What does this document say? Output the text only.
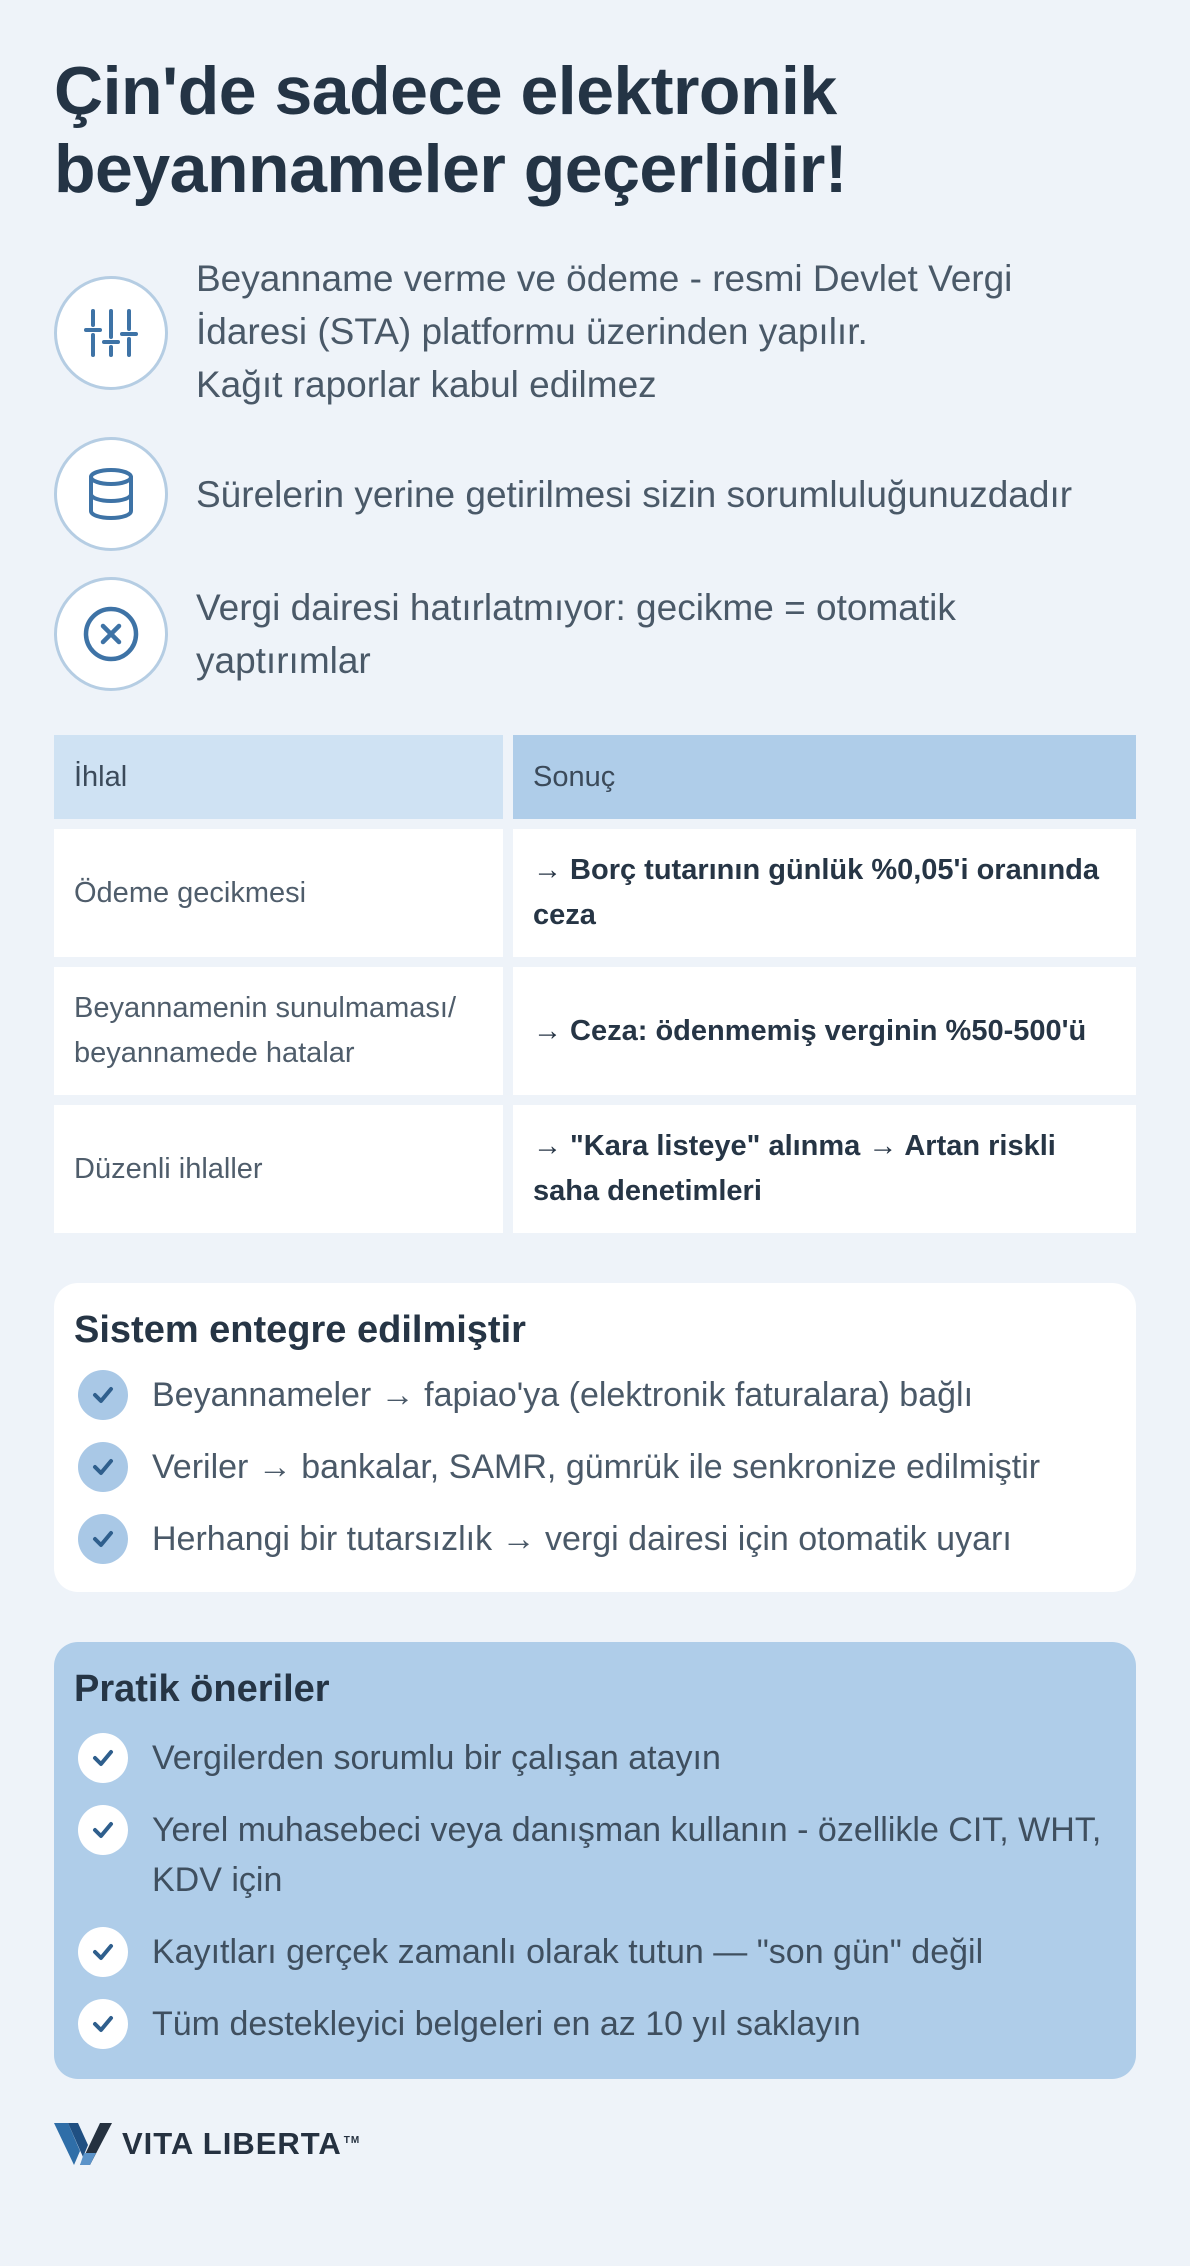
Çin'de sadece elektronik
beyannameler geçerlidir!
Beyanname verme ve ödeme - resmi Devlet Vergi
İdaresi (STA) platformu üzerinden yapılır.
Kağıt raporlar kabul edilmez
Sürelerin yerine getirilmesi sizin sorumluluğunuzdadır
Vergi dairesi hatırlatmıyor: gecikme = otomatik
yaptırımlar
İhlal	Sonuç
Ödeme gecikmesi
→ Borç tutarının günlük %0,05'i oranında ceza
Beyannamenin sunulmaması/ beyannamede hatalar
→ Ceza: ödenmemiş verginin %50-500'ü
Düzenli ihlaller
→ "Kara listeye" alınma → Artan riskli saha denetimleri
Sistem entegre edilmiştir
Beyannameler → fapiao'ya (elektronik faturalara) bağlı
Veriler → bankalar, SAMR, gümrük ile senkronize edilmiştir
Herhangi bir tutarsızlık → vergi dairesi için otomatik uyarı
Pratik öneriler
Vergilerden sorumlu bir çalışan atayın
Yerel muhasebeci veya danışman kullanın - özellikle CIT, WHT, KDV için
Kayıtları gerçek zamanlı olarak tutun — "son gün" değil
Tüm destekleyici belgeleri en az 10 yıl saklayın
VITA LIBERTA ™
